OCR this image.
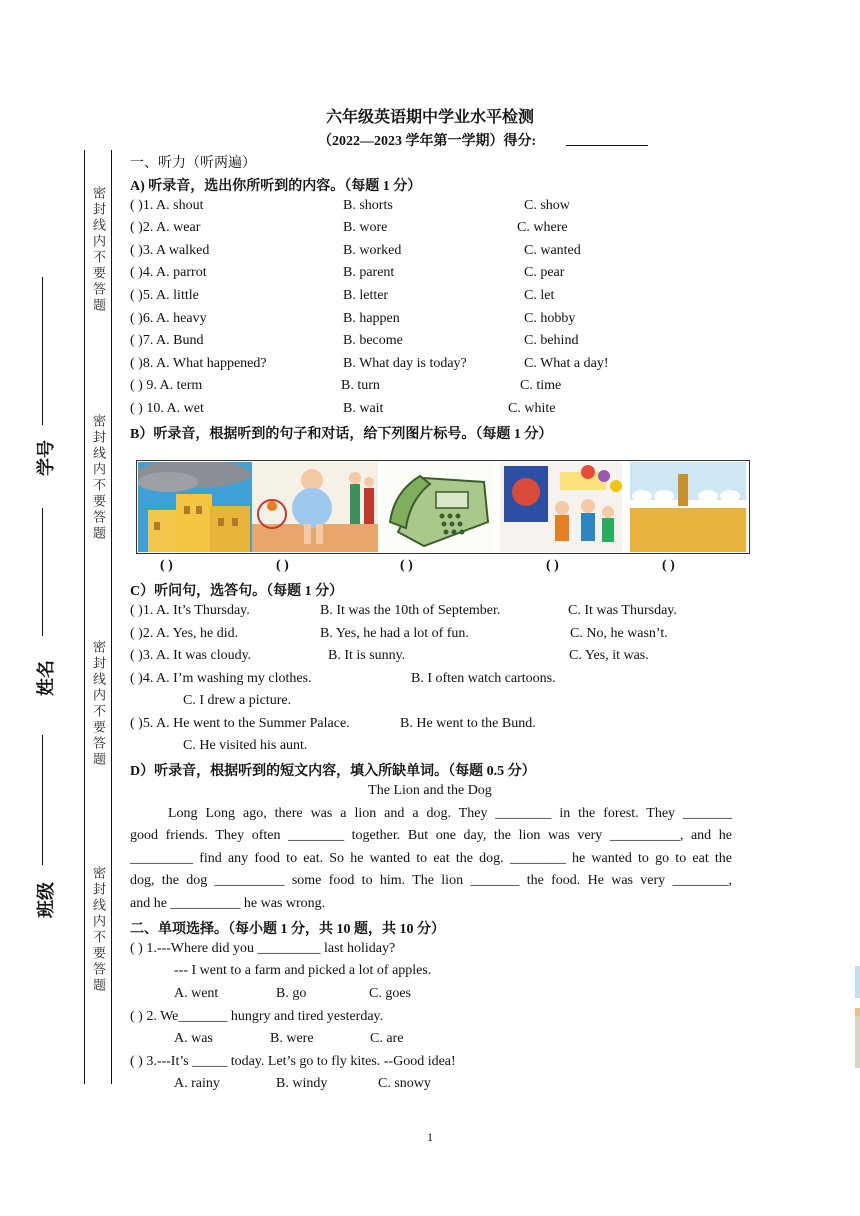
六年级英语期中学业水平检测
（2022—2023 学年第一学期）得分:
密封线内不要答题
密封线内不要答题
密封线内不要答题
密封线内不要答题
学号
姓名
班级
一、听力（听两遍）
A) 听录音，选出你所听到的内容。（每题 1 分）
( )1. A. shout	B. shorts	C. show
( )2. A. wear	B. wore	C. where
( )3. A walked	B. worked	C. wanted
( )4. A. parrot	B. parent	C. pear
( )5. A. little	B. letter	C. let
( )6. A. heavy	B. happen	C. hobby
( )7. A. Bund	B. become	C. behind
( )8. A. What happened?	B. What day is today?	C. What a day!
( ) 9. A. term	B. turn	C. time
( ) 10. A. wet	B. wait	C. white
B）听录音，根据听到的句子和对话，给下列图片标号。（每题 1 分）
( )	( )	( )	( )	( )
C）听问句，选答句。（每题 1 分）
( )1. A. It’s Thursday.	B. It was the 10th of September.	C. It was Thursday.
( )2. A. Yes, he did.	B. Yes, he had a lot of fun.	C. No, he wasn’t.
( )3. A. It was cloudy.	B. It is sunny.	C. Yes, it was.
( )4. A. I’m washing my clothes.	B. I often watch cartoons.
C. I drew a picture.
( )5. A. He went to the Summer Palace.	B. He went to the Bund.
C. He visited his aunt.
D）听录音，根据听到的短文内容，填入所缺单词。（每题 0.5 分）
The Lion and the Dog
Long Long ago, there was a lion and a dog. They ________ in the forest. They _______
good friends. They often ________ together. But one day, the lion was very __________, and he
_________ find any food to eat. So he wanted to eat the dog. ________ he wanted to go to eat the
dog, the dog __________ some food to him. The lion _______ the food. He was very ________,
and he __________ he was wrong.
二、单项选择。（每小题 1 分，共 10 题，共 10 分）
( ) 1.---Where did you _________ last holiday?
--- I went to a farm and picked a lot of apples.
A. went	B. go	C. goes
( ) 2. We_______ hungry and tired yesterday.
A. was	B. were	C. are
( ) 3.---It’s _____ today. Let’s go to fly kites. --Good idea!
A. rainy	B. windy	C. snowy
1
